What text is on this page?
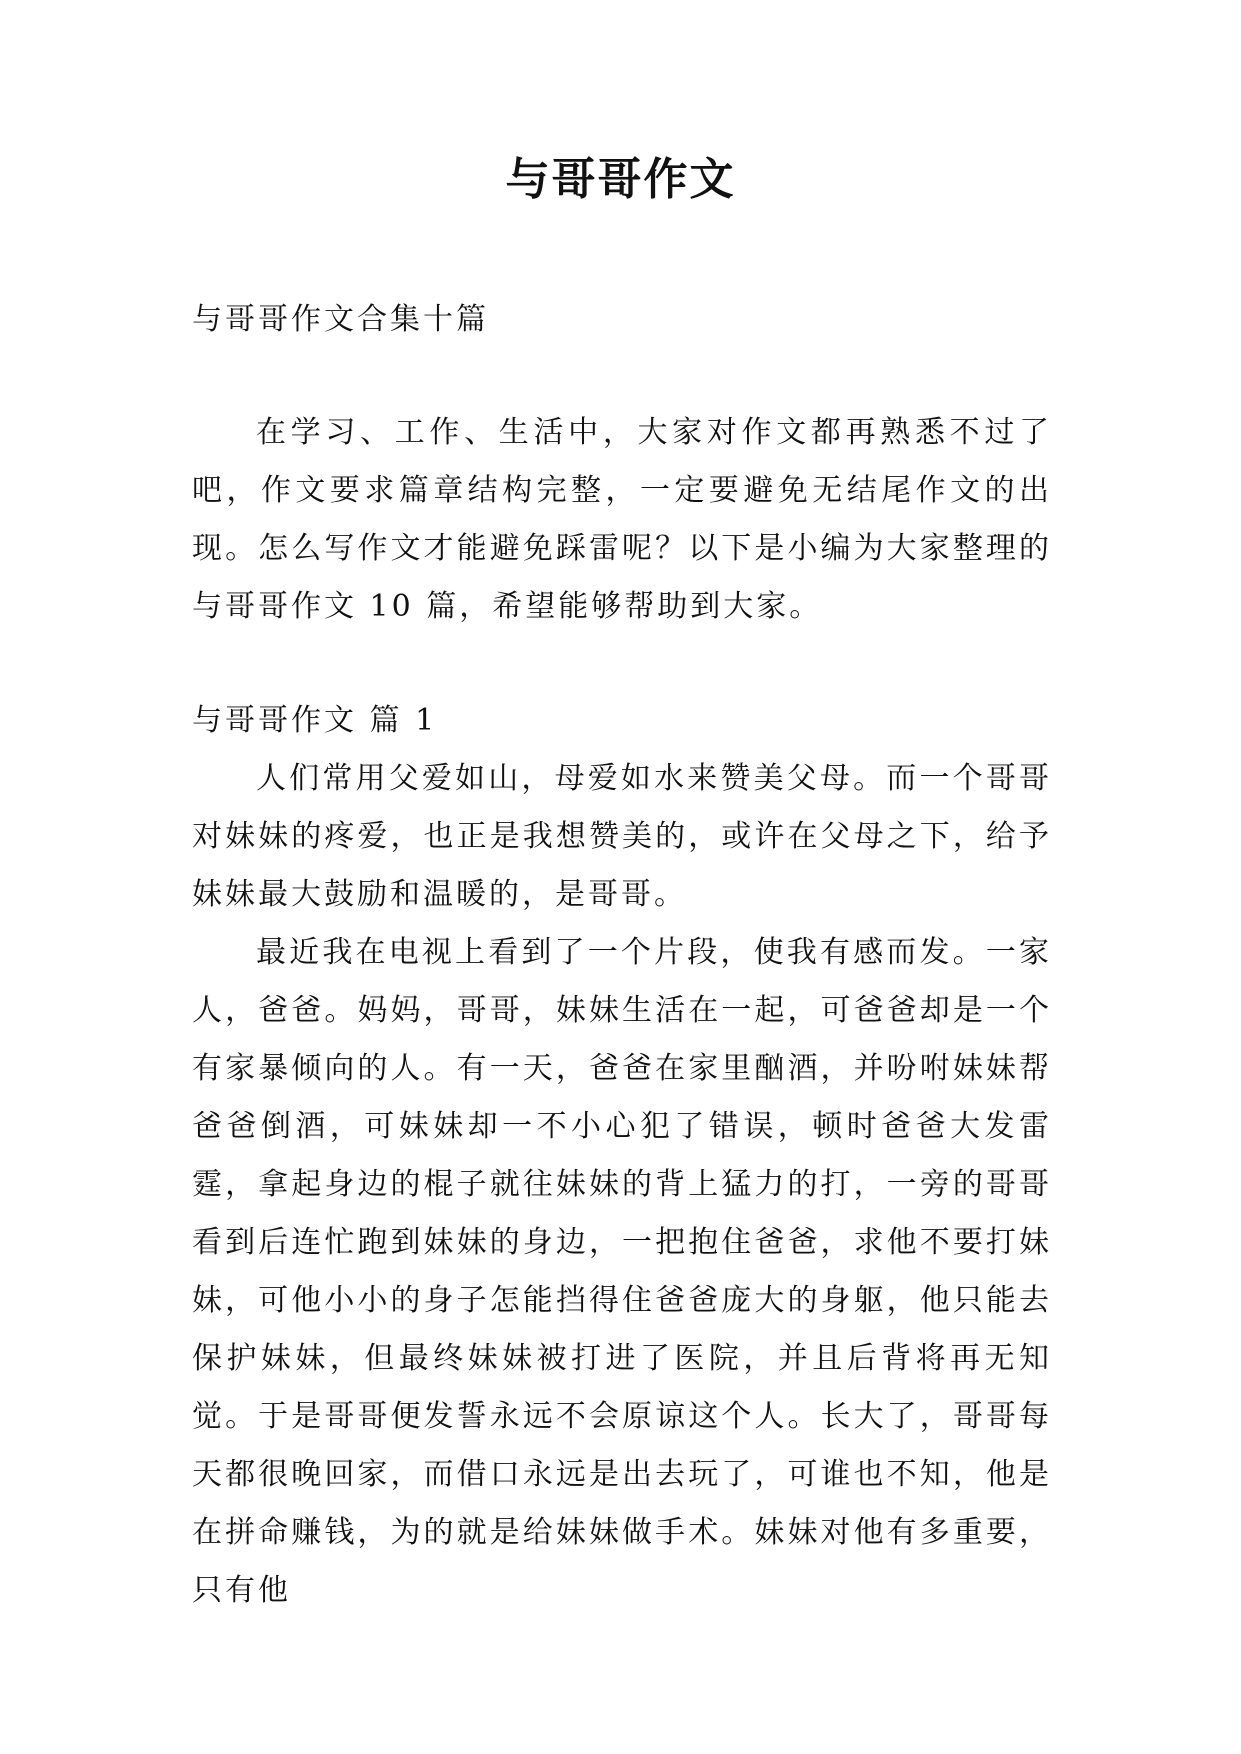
与哥哥作文

与哥哥作文合集十篇

在学习、工作、生活中，大家对作文都再熟悉不过了吧，作文要求篇章结构完整，一定要避免无结尾作文的出现。怎么写作文才能避免踩雷呢？以下是小编为大家整理的与哥哥作文 10 篇，希望能够帮助到大家。

与哥哥作文 篇 1

人们常用父爱如山，母爱如水来赞美父母。而一个哥哥对妹妹的疼爱，也正是我想赞美的，或许在父母之下，给予妹妹最大鼓励和温暖的，是哥哥。

最近我在电视上看到了一个片段，使我有感而发。一家人，爸爸。妈妈，哥哥，妹妹生活在一起，可爸爸却是一个有家暴倾向的人。有一天，爸爸在家里酗酒，并吩咐妹妹帮爸爸倒酒，可妹妹却一不小心犯了错误，顿时爸爸大发雷霆，拿起身边的棍子就往妹妹的背上猛力的打，一旁的哥哥看到后连忙跑到妹妹的身边，一把抱住爸爸，求他不要打妹妹，可他小小的身子怎能挡得住爸爸庞大的身躯，他只能去保护妹妹，但最终妹妹被打进了医院，并且后背将再无知觉。于是哥哥便发誓永远不会原谅这个人。长大了，哥哥每天都很晚回家，而借口永远是出去玩了，可谁也不知，他是在拼命赚钱，为的就是给妹妹做手术。妹妹对他有多重要，只有他
